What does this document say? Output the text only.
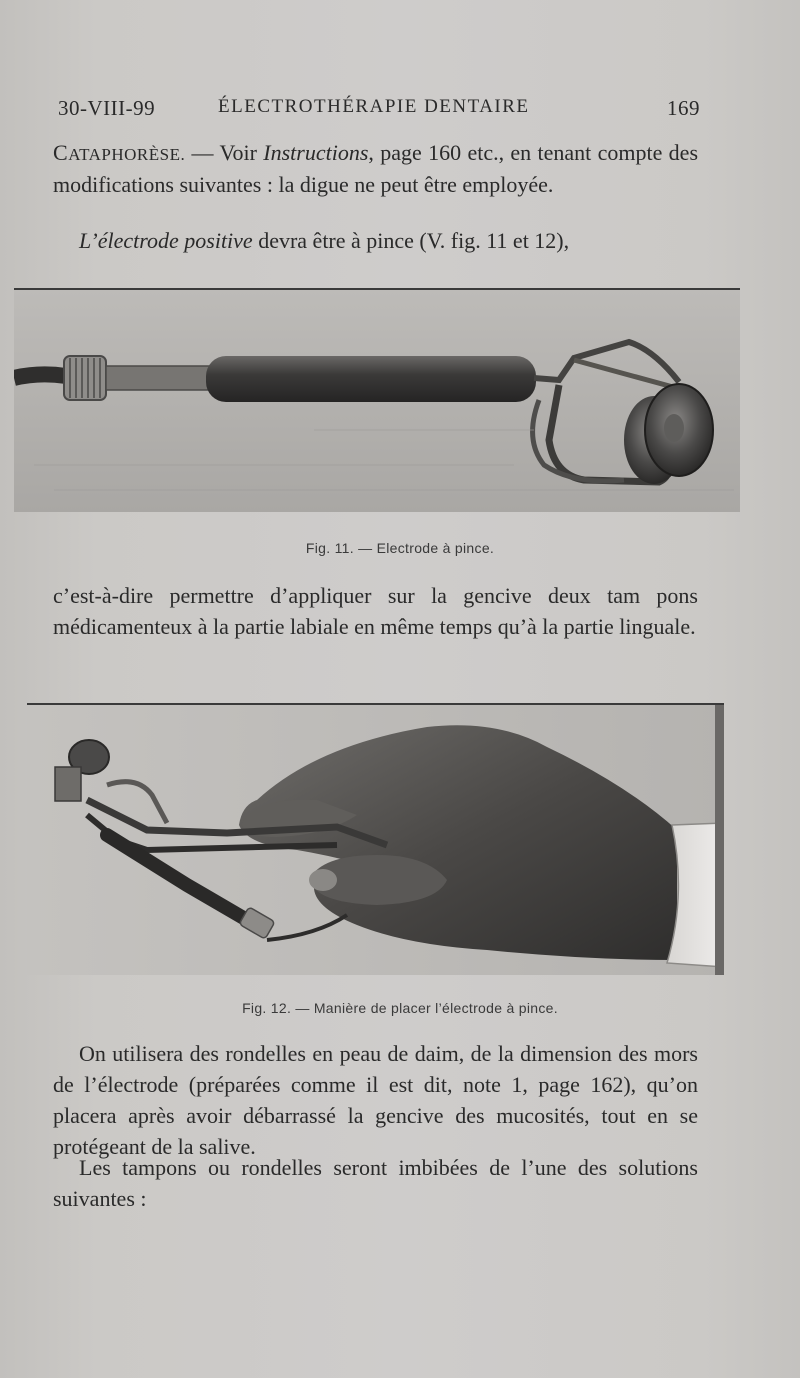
30-VIII-99	ÉLECTROTHÉRAPIE DENTAIRE	169
CATAPHORÈSE. — Voir Instructions, page 160 etc., en tenant compte des modifications suivantes : la digue ne peut être employée.
L’électrode positive devra être à pince (V. fig. 11 et 12),
Fig. 11. — Electrode à pince.
c’est-à-dire permettre d’appliquer sur la gencive deux tam pons médicamenteux à la partie labiale en même temps qu’à la partie linguale.
Fig. 12. — Manière de placer l’électrode à pince.
On utilisera des rondelles en peau de daim, de la dimension des mors de l’électrode (préparées comme il est dit, note 1, page 162), qu’on placera après avoir débarrassé la gencive des mucosités, tout en se protégeant de la salive.
Les tampons ou rondelles seront imbibées de l’une des solutions suivantes :
